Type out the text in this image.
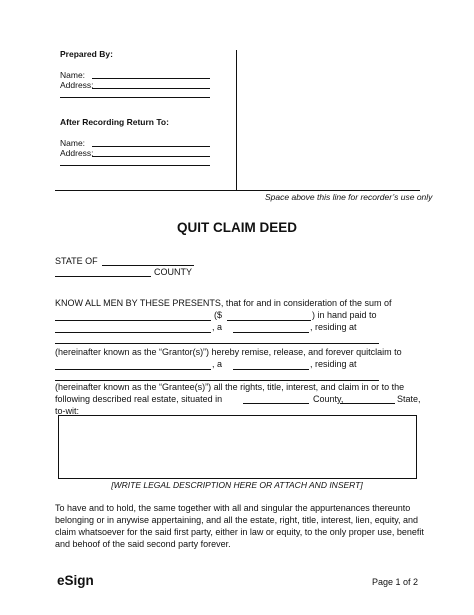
Space above this line for recorder’s use only
Prepared By:
Name:
Address:
After Recording Return To:
Name:
Address:
QUIT CLAIM DEED
STATE OF
COUNTY
KNOW ALL MEN BY THESE PRESENTS, that for and in consideration of the sum of
($	) in hand paid to
, a	, residing at
(hereinafter known as the “Grantor(s)”) hereby remise, release, and forever quitclaim to
, a	, residing at
(hereinafter known as the “Grantee(s)”) all the rights, title, interest, and claim in or to the
following described real estate, situated in	County,	State,
to-wit:
[WRITE LEGAL DESCRIPTION HERE OR ATTACH AND INSERT]
To have and to hold, the same together with all and singular the appurtenances thereunto
belonging or in anywise appertaining, and all the estate, right, title, interest, lien, equity, and
claim whatsoever for the said first party, either in law or equity, to the only proper use, benefit
and behoof of the said second party forever.
eSign	Page 1 of 2
